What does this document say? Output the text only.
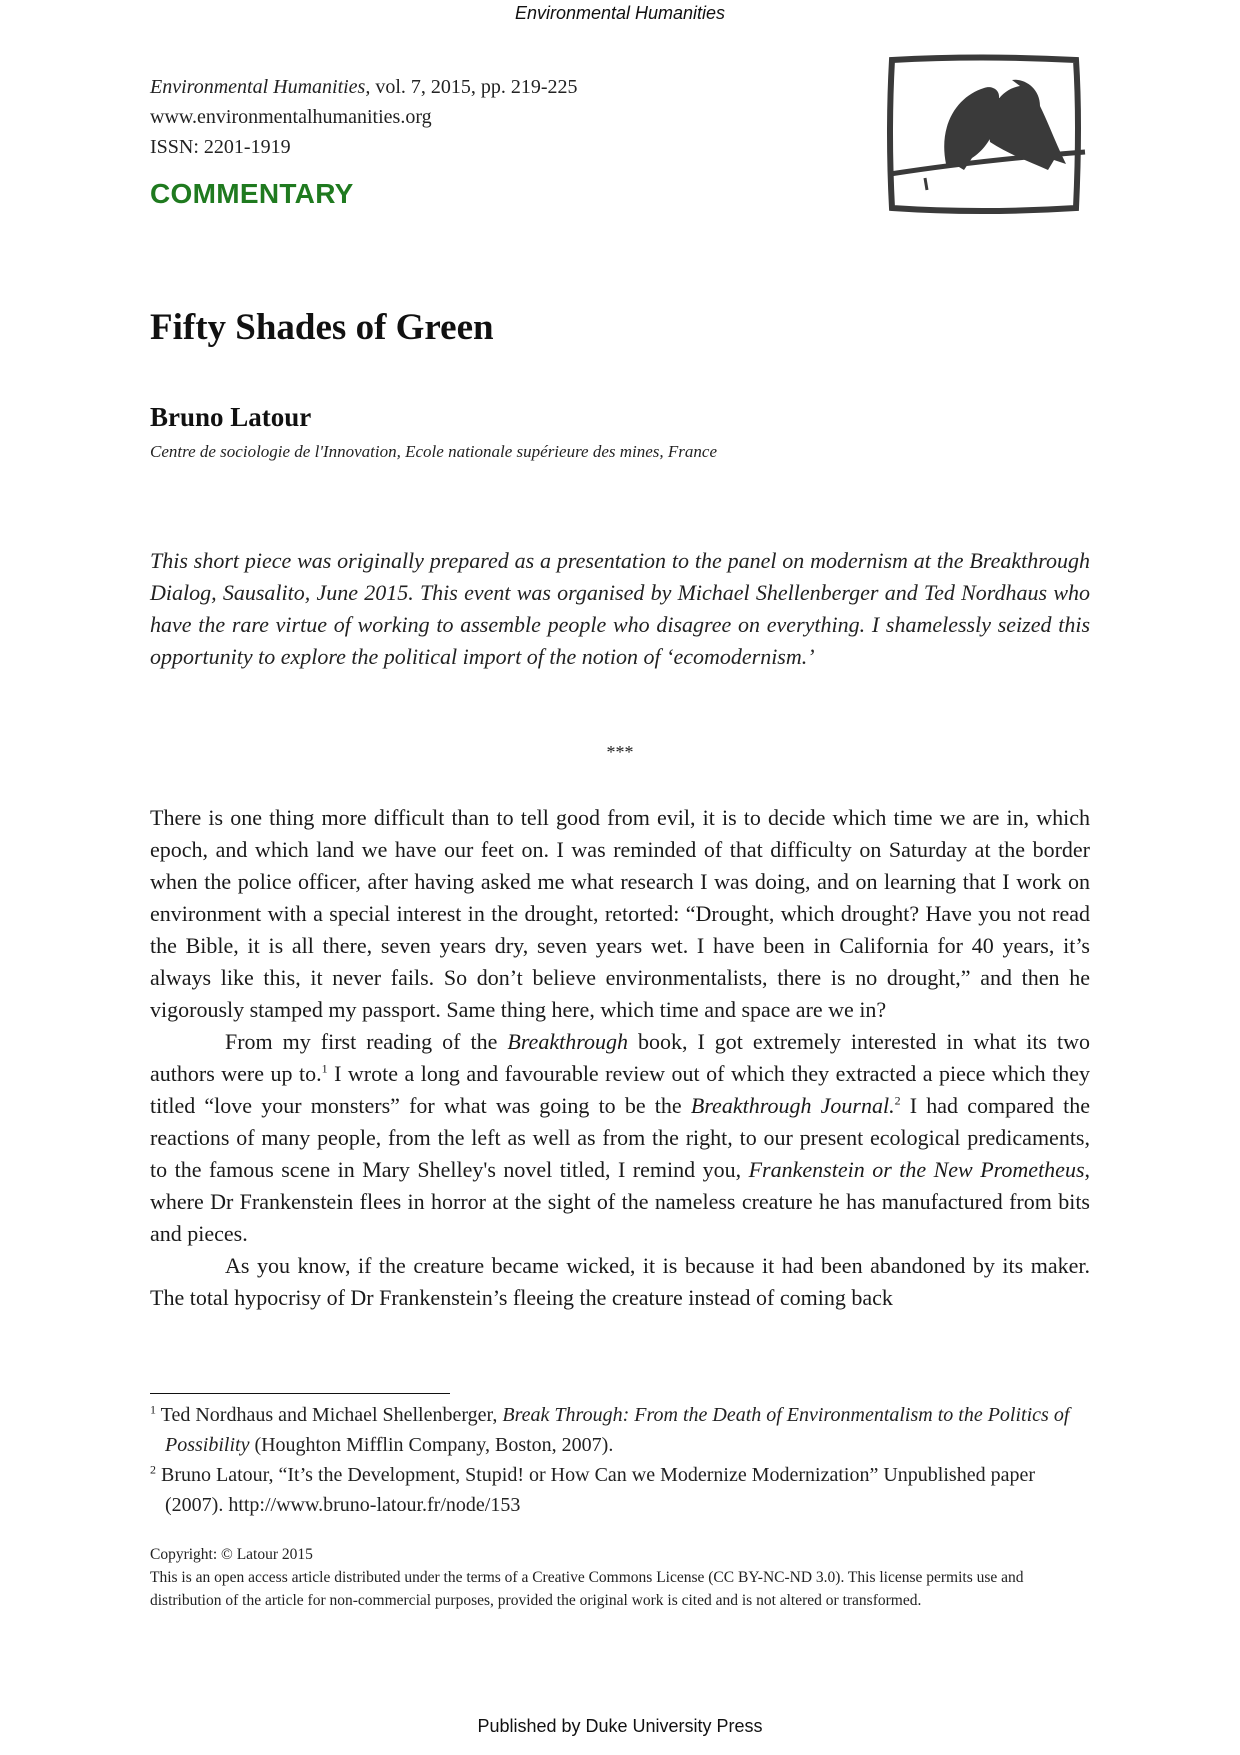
Environmental Humanities
Environmental Humanities, vol. 7, 2015, pp. 219-225
www.environmentalhumanities.org
ISSN: 2201-1919
COMMENTARY
Fifty Shades of Green
Bruno Latour
Centre de sociologie de l'Innovation, Ecole nationale supérieure des mines, France
This short piece was originally prepared as a presentation to the panel on modernism at the Breakthrough Dialog, Sausalito, June 2015. This event was organised by Michael Shellenberger and Ted Nordhaus who have the rare virtue of working to assemble people who disagree on everything. I shamelessly seized this opportunity to explore the political import of the notion of ‘ecomodernism.’
***

There is one thing more difficult than to tell good from evil, it is to decide which time we are in, which epoch, and which land we have our feet on. I was reminded of that difficulty on Saturday at the border when the police officer, after having asked me what research I was doing, and on learning that I work on environment with a special interest in the drought, retorted: “Drought, which drought? Have you not read the Bible, it is all there, seven years dry, seven years wet. I have been in California for 40 years, it’s always like this, it never fails. So don’t believe environmentalists, there is no drought,” and then he vigorously stamped my passport. Same thing here, which time and space are we in?

From my first reading of the Breakthrough book, I got extremely interested in what its two authors were up to.$^1$ I wrote a long and favourable review out of which they extracted a piece which they titled “love your monsters” for what was going to be the Breakthrough Journal.$^2$ I had compared the reactions of many people, from the left as well as from the right, to our present ecological predicaments, to the famous scene in Mary Shelley's novel titled, I remind you, Frankenstein or the New Prometheus, where Dr Frankenstein flees in horror at the sight of the nameless creature he has manufactured from bits and pieces.

As you know, if the creature became wicked, it is because it had been abandoned by its maker. The total hypocrisy of Dr Frankenstein’s fleeing the creature instead of coming back

$^1$ Ted Nordhaus and Michael Shellenberger, Break Through: From the Death of Environmentalism to the Politics of Possibility (Houghton Mifflin Company, Boston, 2007).
$^2$ Bruno Latour, “It’s the Development, Stupid! or How Can we Modernize Modernization” Unpublished paper (2007). http://www.bruno-latour.fr/node/153
Copyright: © Latour 2015
This is an open access article distributed under the terms of a Creative Commons License (CC BY-NC-ND 3.0). This license permits use and distribution of the article for non-commercial purposes, provided the original work is cited and is not altered or transformed.
Published by Duke University Press
